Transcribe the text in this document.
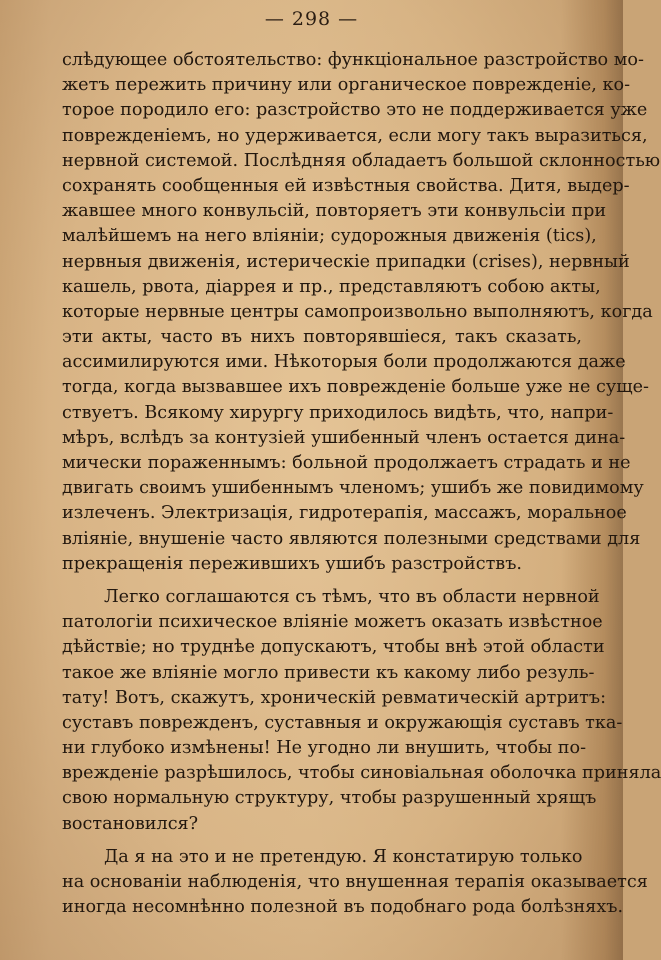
— 298 —
слѣдующее обстоятельство: функціональное разстройство мо-
жетъ пережить причину или органическое поврежденіе, ко-
торое породило его: разстройство это не поддерживается уже
поврежденіемъ, но удерживается, если могу такъ выразиться,
нервной системой. Послѣдняя обладаетъ большой склонностью
сохранять сообщенныя ей извѣстныя свойства. Дитя, выдер-
жавшее много конвульсій, повторяетъ эти конвульсіи при
малѣйшемъ на него вліяніи; судорожныя движенія (tics),
нервныя движенія, истерическіе припадки (crises), нервный
кашель, рвота, діаррея и пр., представляютъ собою акты,
которые нервные центры самопроизвольно выполняютъ, когда
эти акты, часто въ нихъ повторявшіеся, такъ сказать,
ассимилируются ими. Нѣкоторыя боли продолжаются даже
тогда, когда вызвавшее ихъ поврежденіе больше уже не суще-
ствуетъ. Всякому хирургу приходилось видѣть, что, напри-
мѣръ, вслѣдъ за контузіей ушибенный членъ остается дина-
мически пораженнымъ: больной продолжаетъ страдать и не
двигать своимъ ушибеннымъ членомъ; ушибъ же повидимому
излеченъ. Электризація, гидротерапія, массажъ, моральное
вліяніе, внушеніе часто являются полезными средствами для
прекращенія пережившихъ ушибъ разстройствъ.
Легко соглашаются съ тѣмъ, что въ области нервной
патологіи психическое вліяніе можетъ оказать извѣстное
дѣйствіе; но труднѣе допускаютъ, чтобы внѣ этой области
такое же вліяніе могло привести къ какому либо резуль-
тату! Вотъ, скажутъ, хроническій ревматическій артритъ:
суставъ поврежденъ, суставныя и окружающія суставъ тка-
ни глубоко измѣнены! Не угодно ли внушить, чтобы по-
врежденіе разрѣшилось, чтобы синовіальная оболочка приняла
свою нормальную структуру, чтобы разрушенный хрящъ
востановился?
Да я на это и не претендую. Я констатирую только
на основаніи наблюденія, что внушенная терапія оказывается
иногда несомнѣнно полезной въ подобнаго рода болѣзняхъ.
